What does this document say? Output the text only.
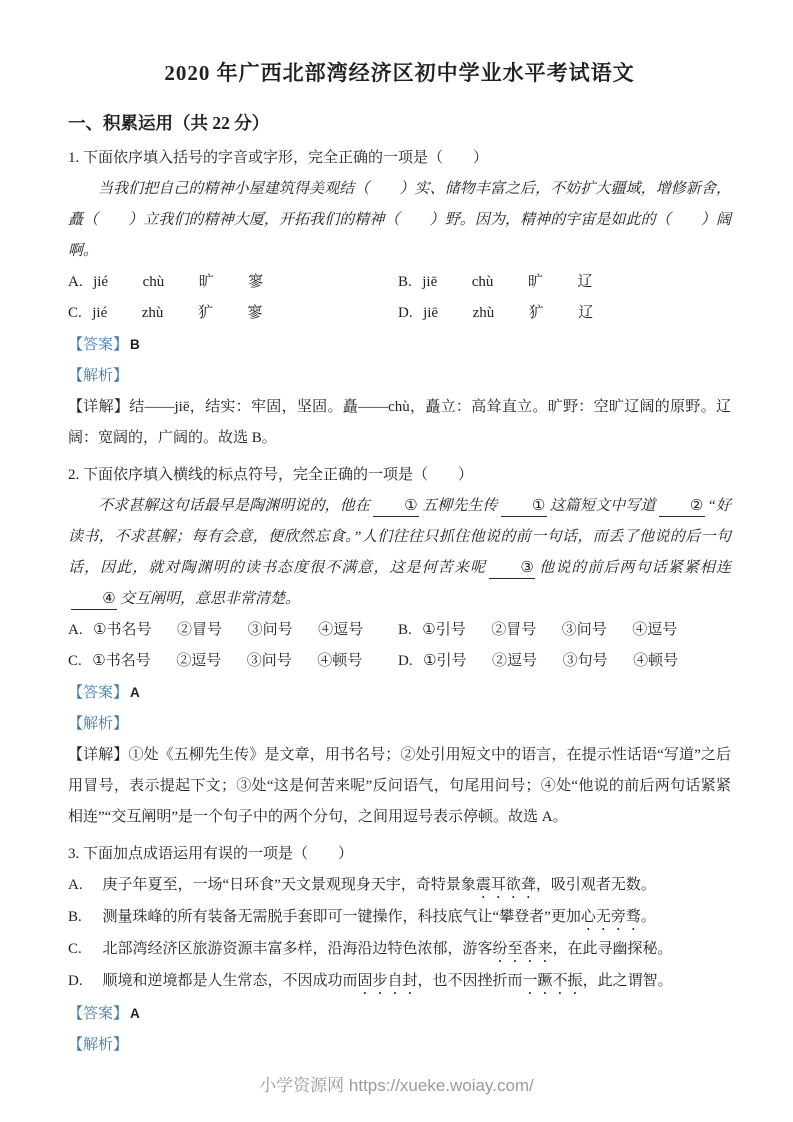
2020 年广西北部湾经济区初中学业水平考试语文
一、积累运用（共 22 分）
1. 下面依序填入括号的字音或字形，完全正确的一项是（　　）
当我们把自己的精神小屋建筑得美观结（　　）实、储物丰富之后，不妨扩大疆域，增修新舍，矗（　　）立我们的精神大厦，开拓我们的精神（　　）野。因为，精神的宇宙是如此的（　　）阔啊。
A. jié chù 旷 寥	B. jiē chù 旷 辽
C. jié zhù 犷 寥	D. jiē zhù 犷 辽
【答案】 B
【解析】
【详解】结——jiē，结实：牢固，坚固。矗——chù，矗立：高耸直立。旷野：空旷辽阔的原野。辽阔：宽阔的，广阔的。故选 B。
2. 下面依序填入横线的标点符号，完全正确的一项是（　　）
不求甚解这句话最早是陶渊明说的，他在 ① 五柳先生传 ① 这篇短文中写道 ② “好读书，不求甚解；每有会意，便欣然忘食。”人们往往只抓住他说的前一句话，而丢了他说的后一句话，因此，就对陶渊明的读书态度很不满意，这是何苦来呢 ③ 他说的前后两句话紧紧相连④ 交互阐明，意思非常清楚。
A. ①书名号 ②冒号 ③问号 ④逗号	B. ①引号 ②冒号 ③问号 ④逗号
C. ①书名号 ②逗号 ③问号 ④顿号	D. ①引号 ②逗号 ③句号 ④顿号
【答案】 A
【解析】
【详解】①处《五柳先生传》是文章，用书名号；②处引用短文中的语言，在提示性话语“写道”之后用冒号，表示提起下文；③处“这是何苦来呢”反问语气，句尾用问号；④处“他说的前后两句话紧紧相连”“交互阐明”是一个句子中的两个分句，之间用逗号表示停顿。故选 A。
3. 下面加点成语运用有误的一项是（　　）
A.	庚子年夏至，一场“日环食”天文景观现身天宇，奇特景象震耳欲聋，吸引观者无数。
B.	测量珠峰的所有装备无需脱手套即可一键操作，科技底气让“攀登者”更加心无旁骛。
C.	北部湾经济区旅游资源丰富多样，沿海沿边特色浓郁，游客纷至沓来，在此寻幽探秘。
D.	顺境和逆境都是人生常态，不因成功而固步自封，也不因挫折而一蹶不振，此之谓智。
【答案】 A
【解析】
小学资源网 https://xueke.woiay.com/
